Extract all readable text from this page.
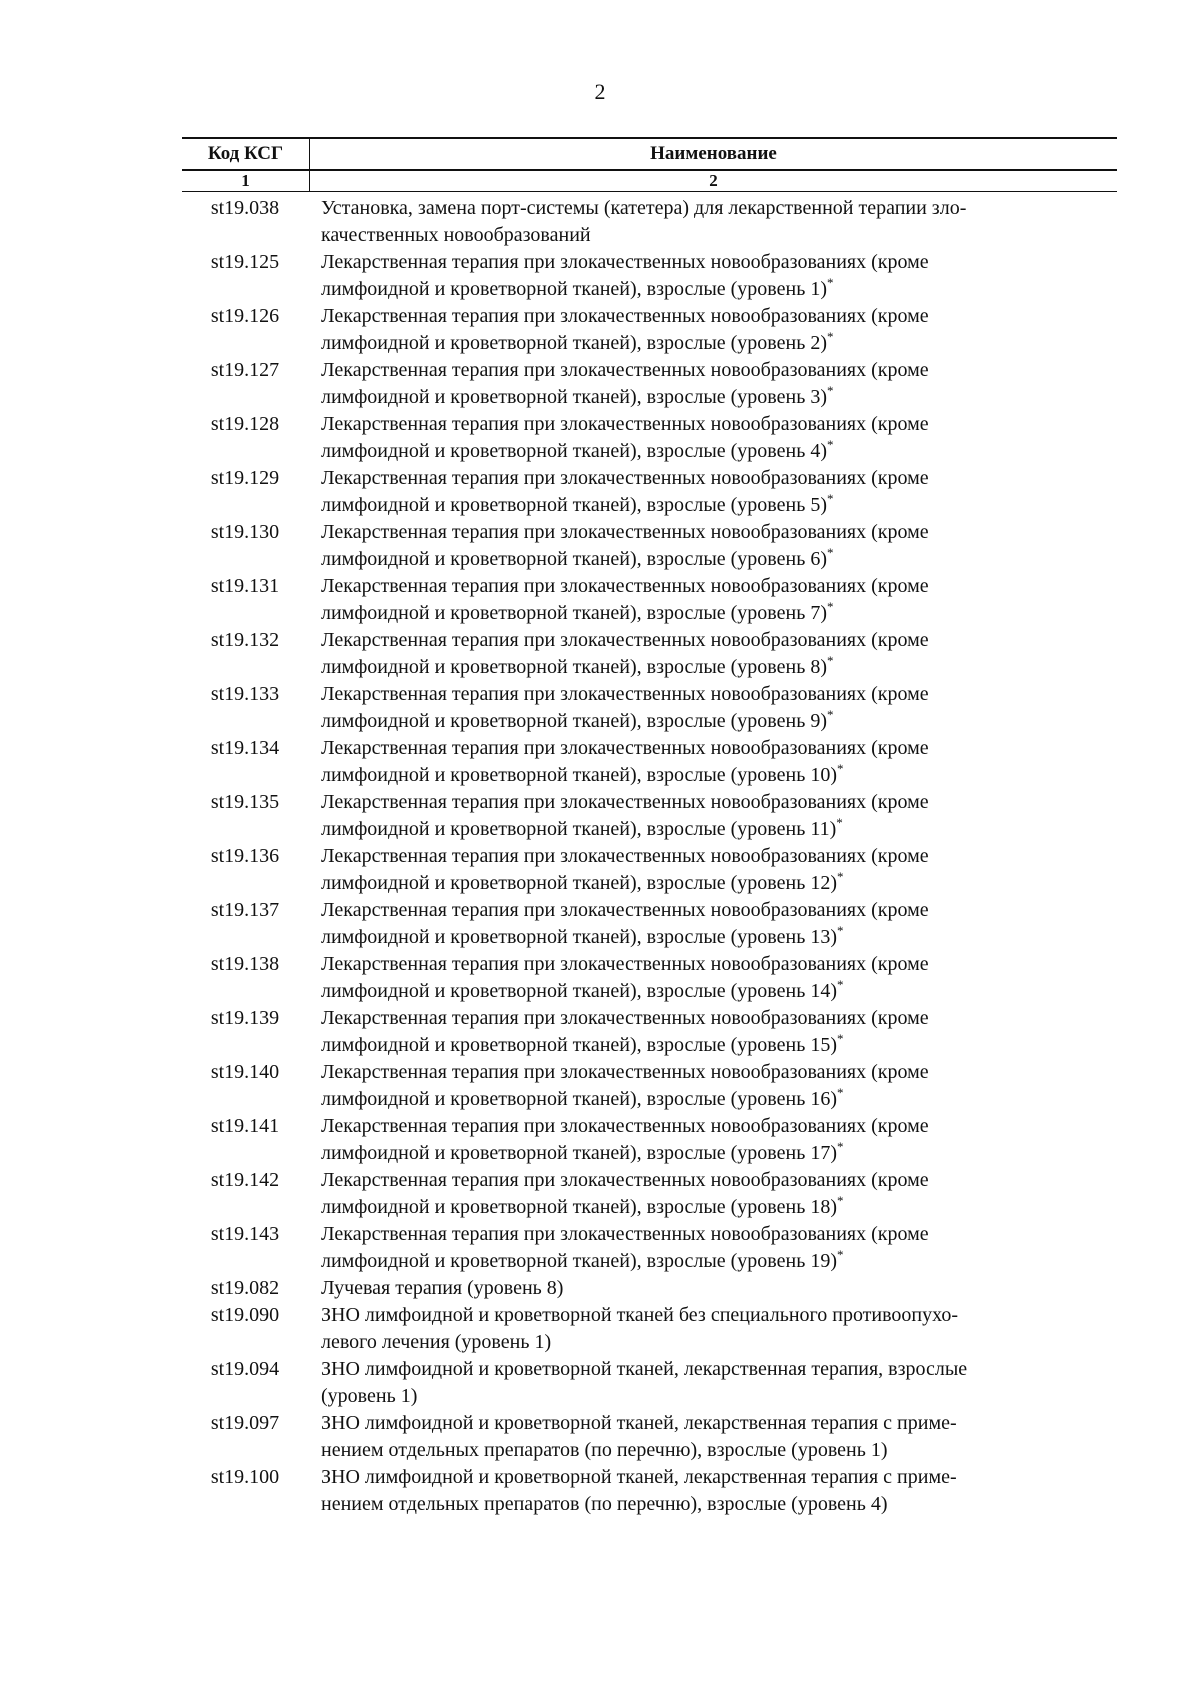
2
Код КСГ	Наименование
1	2
st19.038	Установка, замена порт-системы (катетера) для лекарственной терапии зло-
качественных новообразований
st19.125	Лекарственная терапия при злокачественных новообразованиях (кроме
лимфоидной и кроветворной тканей), взрослые (уровень 1)*
st19.126	Лекарственная терапия при злокачественных новообразованиях (кроме
лимфоидной и кроветворной тканей), взрослые (уровень 2)*
st19.127	Лекарственная терапия при злокачественных новообразованиях (кроме
лимфоидной и кроветворной тканей), взрослые (уровень 3)*
st19.128	Лекарственная терапия при злокачественных новообразованиях (кроме
лимфоидной и кроветворной тканей), взрослые (уровень 4)*
st19.129	Лекарственная терапия при злокачественных новообразованиях (кроме
лимфоидной и кроветворной тканей), взрослые (уровень 5)*
st19.130	Лекарственная терапия при злокачественных новообразованиях (кроме
лимфоидной и кроветворной тканей), взрослые (уровень 6)*
st19.131	Лекарственная терапия при злокачественных новообразованиях (кроме
лимфоидной и кроветворной тканей), взрослые (уровень 7)*
st19.132	Лекарственная терапия при злокачественных новообразованиях (кроме
лимфоидной и кроветворной тканей), взрослые (уровень 8)*
st19.133	Лекарственная терапия при злокачественных новообразованиях (кроме
лимфоидной и кроветворной тканей), взрослые (уровень 9)*
st19.134	Лекарственная терапия при злокачественных новообразованиях (кроме
лимфоидной и кроветворной тканей), взрослые (уровень 10)*
st19.135	Лекарственная терапия при злокачественных новообразованиях (кроме
лимфоидной и кроветворной тканей), взрослые (уровень 11)*
st19.136	Лекарственная терапия при злокачественных новообразованиях (кроме
лимфоидной и кроветворной тканей), взрослые (уровень 12)*
st19.137	Лекарственная терапия при злокачественных новообразованиях (кроме
лимфоидной и кроветворной тканей), взрослые (уровень 13)*
st19.138	Лекарственная терапия при злокачественных новообразованиях (кроме
лимфоидной и кроветворной тканей), взрослые (уровень 14)*
st19.139	Лекарственная терапия при злокачественных новообразованиях (кроме
лимфоидной и кроветворной тканей), взрослые (уровень 15)*
st19.140	Лекарственная терапия при злокачественных новообразованиях (кроме
лимфоидной и кроветворной тканей), взрослые (уровень 16)*
st19.141	Лекарственная терапия при злокачественных новообразованиях (кроме
лимфоидной и кроветворной тканей), взрослые (уровень 17)*
st19.142	Лекарственная терапия при злокачественных новообразованиях (кроме
лимфоидной и кроветворной тканей), взрослые (уровень 18)*
st19.143	Лекарственная терапия при злокачественных новообразованиях (кроме
лимфоидной и кроветворной тканей), взрослые (уровень 19)*
st19.082	Лучевая терапия (уровень 8)
st19.090	ЗНО лимфоидной и кроветворной тканей без специального противоопухо-
левого лечения (уровень 1)
st19.094	ЗНО лимфоидной и кроветворной тканей, лекарственная терапия, взрослые
(уровень 1)
st19.097	ЗНО лимфоидной и кроветворной тканей, лекарственная терапия с приме-
нением отдельных препаратов (по перечню), взрослые (уровень 1)
st19.100	ЗНО лимфоидной и кроветворной тканей, лекарственная терапия с приме-
нением отдельных препаратов (по перечню), взрослые (уровень 4)
